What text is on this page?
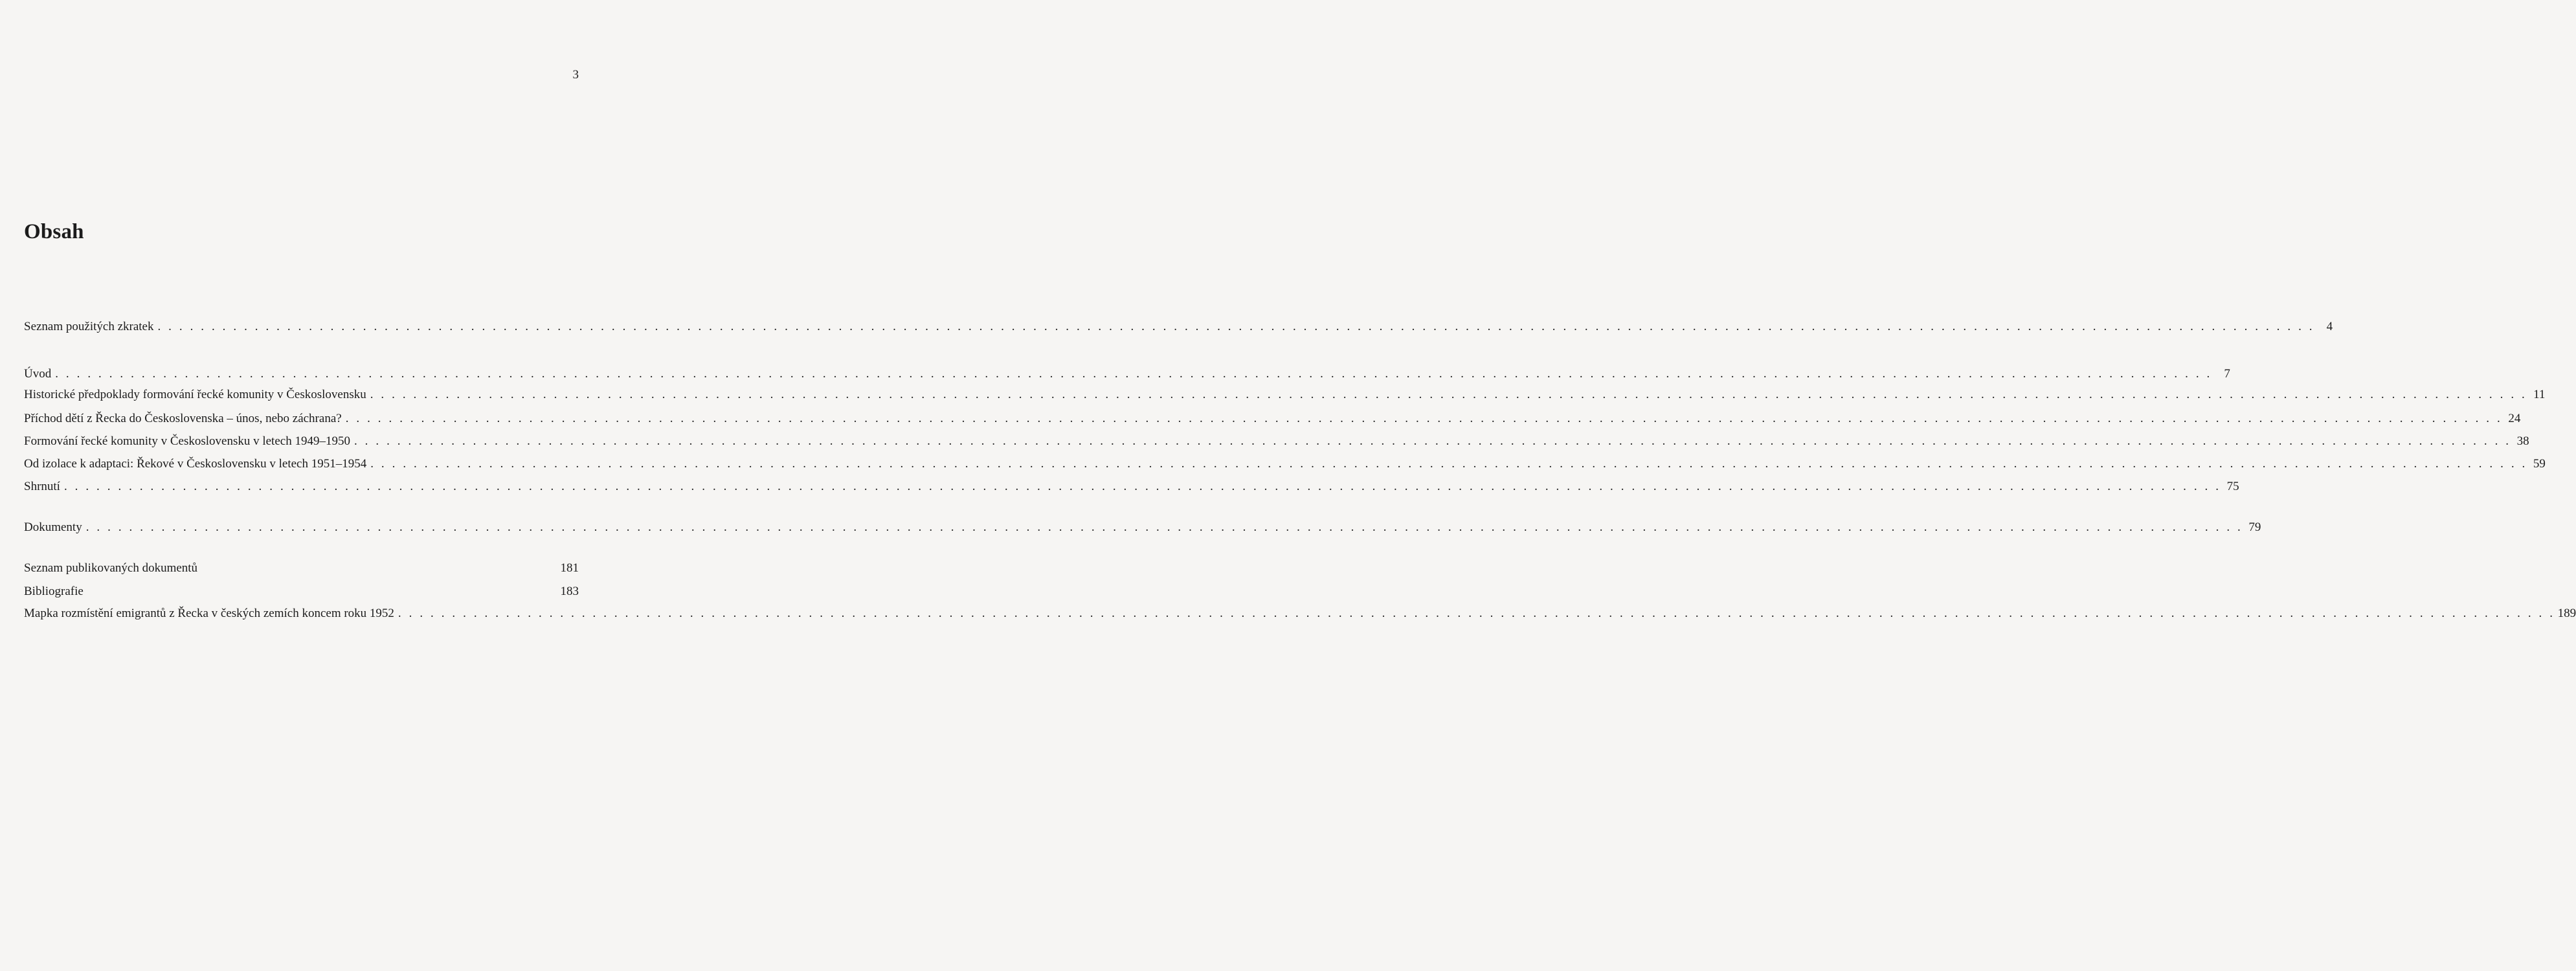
3
Obsah
Seznam použitých zkratek . . . . . . . . . . . . . . . . . . . . . . . . . . . . . . . . . . . . . . . . . . . . . . . . . . . . . . . . . . . . . . . . . . . . . . . . . . . . . . . . . . . . . . . . . . . . . . . . . . . . . . . . . . . . . . . . . . . . . . . . . . . . . . . . . . . . . . . . . . . . . . . . . . . . . . . . . . . . . . . . . . . . . . . . . . . . . . . . . . . . . . . . . . . . . . . . . . . . . . . . 4
Úvod . . . . . . . . . . . . . . . . . . . . . . . . . . . . . . . . . . . . . . . . . . . . . . . . . . . . . . . . . . . . . . . . . . . . . . . . . . . . . . . . . . . . . . . . . . . . . . . . . . . . . . . . . . . . . . . . . . . . . . . . . . . . . . . . . . . . . . . . . . . . . . . . . . . . . . . . . . . . . . . . . . . . . . . . . . . . . . . . . . . . . . . . . . . . . . . . . . . . . . . . 7
Historické předpoklady formování řecké komunity v Československu . . . . . . . . . . . . . . . . . . . . . . . . . . . . . . . . . . . . . . . . . . . . . . . . . . . . . . . . . . . . . . . . . . . . . . . . . . . . . . . . . . . . . . . . . . . . . . . . . . . . . . . . . . . . . . . . . . . . . . . . . . . . . . . . . . . . . . . . . . . . . . . . . . . . . . . . . . . . . . . . . . . . . . . . . . . . . . . . . . . . . . . . . . . . . . . . . . . . . . . . 11
Příchod dětí z Řecka do Československa – únos, nebo záchrana? . . . . . . . . . . . . . . . . . . . . . . . . . . . . . . . . . . . . . . . . . . . . . . . . . . . . . . . . . . . . . . . . . . . . . . . . . . . . . . . . . . . . . . . . . . . . . . . . . . . . . . . . . . . . . . . . . . . . . . . . . . . . . . . . . . . . . . . . . . . . . . . . . . . . . . . . . . . . . . . . . . . . . . . . . . . . . . . . . . . . . . . . . . . . . . . . . . . . . . . . 24
Formování řecké komunity v Československu v letech 1949–1950 . . . . . . . . . . . . . . . . . . . . . . . . . . . . . . . . . . . . . . . . . . . . . . . . . . . . . . . . . . . . . . . . . . . . . . . . . . . . . . . . . . . . . . . . . . . . . . . . . . . . . . . . . . . . . . . . . . . . . . . . . . . . . . . . . . . . . . . . . . . . . . . . . . . . . . . . . . . . . . . . . . . . . . . . . . . . . . . . . . . . . . . . . . . . . . . . . . . . . . . . 38
Od izolace k adaptaci: Řekové v Československu v letech 1951–1954 . . . . . . . . . . . . . . . . . . . . . . . . . . . . . . . . . . . . . . . . . . . . . . . . . . . . . . . . . . . . . . . . . . . . . . . . . . . . . . . . . . . . . . . . . . . . . . . . . . . . . . . . . . . . . . . . . . . . . . . . . . . . . . . . . . . . . . . . . . . . . . . . . . . . . . . . . . . . . . . . . . . . . . . . . . . . . . . . . . . . . . . . . . . . . . . . . . . . . . . . 59
Shrnutí . . . . . . . . . . . . . . . . . . . . . . . . . . . . . . . . . . . . . . . . . . . . . . . . . . . . . . . . . . . . . . . . . . . . . . . . . . . . . . . . . . . . . . . . . . . . . . . . . . . . . . . . . . . . . . . . . . . . . . . . . . . . . . . . . . . . . . . . . . . . . . . . . . . . . . . . . . . . . . . . . . . . . . . . . . . . . . . . . . . . . . . . . . . . . . . . . . . . . . . . 75
Dokumenty . . . . . . . . . . . . . . . . . . . . . . . . . . . . . . . . . . . . . . . . . . . . . . . . . . . . . . . . . . . . . . . . . . . . . . . . . . . . . . . . . . . . . . . . . . . . . . . . . . . . . . . . . . . . . . . . . . . . . . . . . . . . . . . . . . . . . . . . . . . . . . . . . . . . . . . . . . . . . . . . . . . . . . . . . . . . . . . . . . . . . . . . . . . . . . . . . . . . . . . . 79
Seznam publikovaných dokumentů	181
Bibliografie	183
Mapka rozmístění emigrantů z Řecka v českých zemích koncem roku 1952 . . . . . . . . . . . . . . . . . . . . . . . . . . . . . . . . . . . . . . . . . . . . . . . . . . . . . . . . . . . . . . . . . . . . . . . . . . . . . . . . . . . . . . . . . . . . . . . . . . . . . . . . . . . . . . . . . . . . . . . . . . . . . . . . . . . . . . . . . . . . . . . . . . . . . . . . . . . . . . . . . . . . . . . . . . . . . . . . . . . . . . . . . . . . . . . . . . . . . . . . 189
